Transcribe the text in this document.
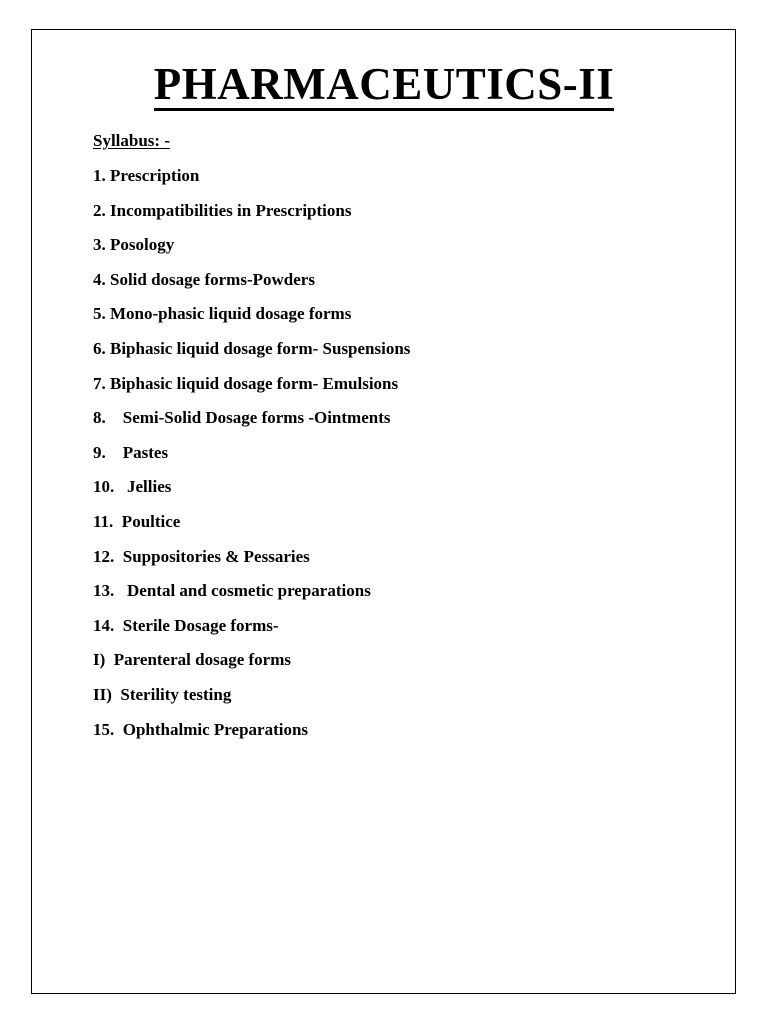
PHARMACEUTICS-II
Syllabus: -
1. Prescription
2. Incompatibilities in Prescriptions
3. Posology
4. Solid dosage forms-Powders
5. Mono-phasic liquid dosage forms
6. Biphasic liquid dosage form- Suspensions
7. Biphasic liquid dosage form- Emulsions
8.    Semi-Solid Dosage forms -Ointments
9.    Pastes
10.   Jellies
11.  Poultice
12.  Suppositories & Pessaries
13.   Dental and cosmetic preparations
14.  Sterile Dosage forms-
I)  Parenteral dosage forms
II)  Sterility testing
15.  Ophthalmic Preparations
